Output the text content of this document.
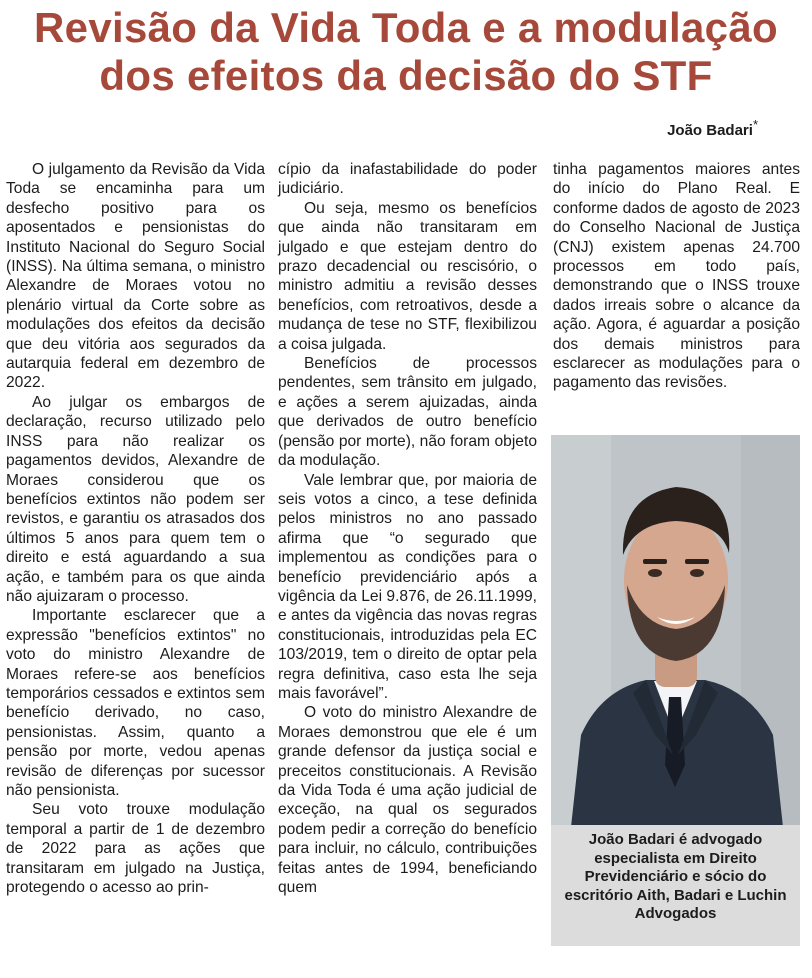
Revisão da Vida Toda e a modulação dos efeitos da decisão do STF
João Badari*

O julgamento da Revisão da Vida Toda se encaminha para um desfecho positivo para os aposentados e pensionistas do Instituto Nacional do Seguro Social (INSS). Na última semana, o ministro Alexandre de Moraes votou no plenário virtual da Corte sobre as modulações dos efeitos da decisão que deu vitória aos segurados da autarquia federal em dezembro de 2022.

Ao julgar os embargos de declaração, recurso utilizado pelo INSS para não realizar os pagamentos devidos, Alexandre de Moraes considerou que os benefícios extintos não podem ser revistos, e garantiu os atrasados dos últimos 5 anos para quem tem o direito e está aguardando a sua ação, e também para os que ainda não ajuizaram o processo.

Importante esclarecer que a expressão "benefícios extintos" no voto do ministro Alexandre de Moraes refere-se aos benefícios temporários cessados e extintos sem benefício derivado, no caso, pensionistas. Assim, quanto a pensão por morte, vedou apenas revisão de diferenças por sucessor não pensionista.

Seu voto trouxe modulação temporal a partir de 1 de dezembro de 2022 para as ações que transitaram em julgado na Justiça, protegendo o acesso ao prin-

cípio da inafastabilidade do poder judiciário.

Ou seja, mesmo os benefícios que ainda não transitaram em julgado e que estejam dentro do prazo decadencial ou rescisório, o ministro admitiu a revisão desses benefícios, com retroativos, desde a mudança de tese no STF, flexibilizou a coisa julgada.

Benefícios de processos pendentes, sem trânsito em julgado, e ações a serem ajuizadas, ainda que derivados de outro benefício (pensão por morte), não foram objeto da modulação.

Vale lembrar que, por maioria de seis votos a cinco, a tese definida pelos ministros no ano passado afirma que “o segurado que implementou as condições para o benefício previdenciário após a vigência da Lei 9.876, de 26.11.1999, e antes da vigência das novas regras constitucionais, introduzidas pela EC 103/2019, tem o direito de optar pela regra definitiva, caso esta lhe seja mais favorável”.

O voto do ministro Alexandre de Moraes demonstrou que ele é um grande defensor da justiça social e preceitos constitucionais. A Revisão da Vida Toda é uma ação judicial de exceção, na qual os segurados podem pedir a correção do benefício para incluir, no cálculo, contribuições feitas antes de 1994, beneficiando quem

tinha pagamentos maiores antes do início do Plano Real. E conforme dados de agosto de 2023 do Conselho Nacional de Justiça (CNJ) existem apenas 24.700 processos em todo país, demonstrando que o INSS trouxe dados irreais sobre o alcance da ação. Agora, é aguardar a posição dos demais ministros para esclarecer as modulações para o pagamento das revisões.

João Badari é advogado especialista em Direito Previdenciário e sócio do escritório Aith, Badari e Luchin Advogados
